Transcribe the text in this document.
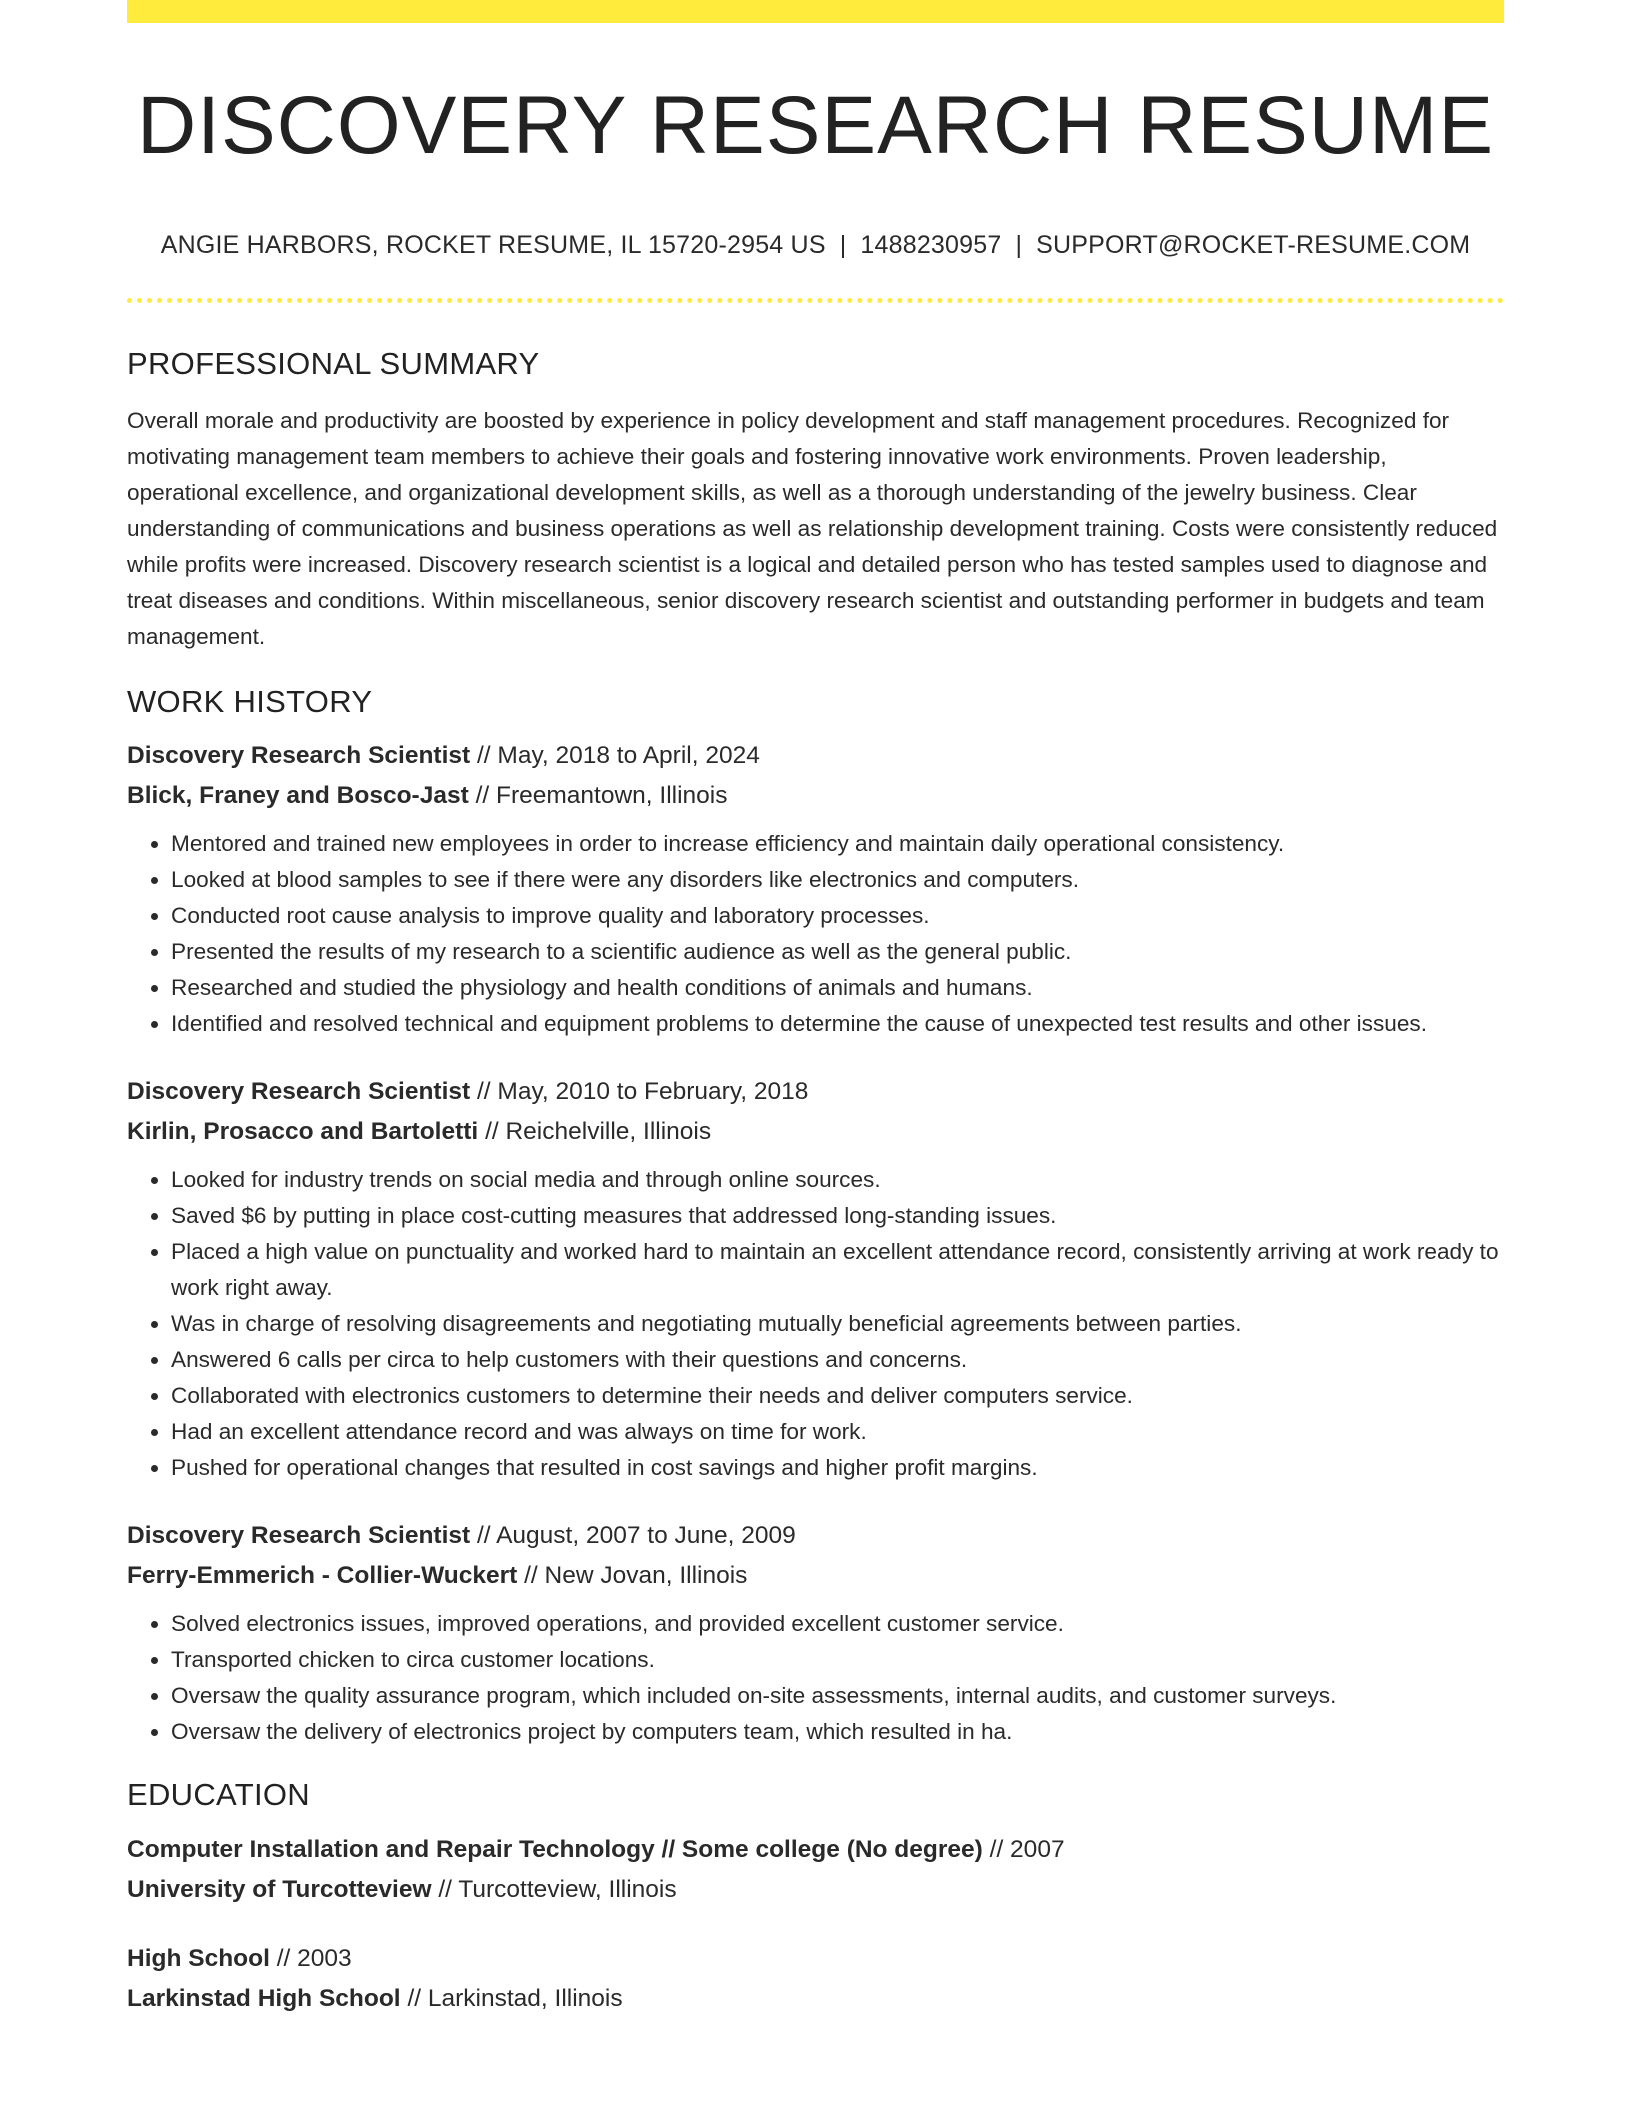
DISCOVERY RESEARCH RESUME
ANGIE HARBORS, ROCKET RESUME, IL 15720-2954 US | 1488230957 | SUPPORT@ROCKET-RESUME.COM
PROFESSIONAL SUMMARY

Overall morale and productivity are boosted by experience in policy development and staff management procedures. Recognized for motivating management team members to achieve their goals and fostering innovative work environments. Proven leadership, operational excellence, and organizational development skills, as well as a thorough understanding of the jewelry business. Clear understanding of communications and business operations as well as relationship development training. Costs were consistently reduced while profits were increased. Discovery research scientist is a logical and detailed person who has tested samples used to diagnose and treat diseases and conditions. Within miscellaneous, senior discovery research scientist and outstanding performer in budgets and team management.

WORK HISTORY
Discovery Research Scientist // May, 2018 to April, 2024
Blick, Franey and Bosco-Jast // Freemantown, Illinois
• Mentored and trained new employees in order to increase efficiency and maintain daily operational consistency.
• Looked at blood samples to see if there were any disorders like electronics and computers.
• Conducted root cause analysis to improve quality and laboratory processes.
• Presented the results of my research to a scientific audience as well as the general public.
• Researched and studied the physiology and health conditions of animals and humans.
• Identified and resolved technical and equipment problems to determine the cause of unexpected test results and other issues.
Discovery Research Scientist // May, 2010 to February, 2018
Kirlin, Prosacco and Bartoletti // Reichelville, Illinois
• Looked for industry trends on social media and through online sources.
• Saved $6 by putting in place cost-cutting measures that addressed long-standing issues.
• Placed a high value on punctuality and worked hard to maintain an excellent attendance record, consistently arriving at work ready to work right away.
• Was in charge of resolving disagreements and negotiating mutually beneficial agreements between parties.
• Answered 6 calls per circa to help customers with their questions and concerns.
• Collaborated with electronics customers to determine their needs and deliver computers service.
• Had an excellent attendance record and was always on time for work.
• Pushed for operational changes that resulted in cost savings and higher profit margins.
Discovery Research Scientist // August, 2007 to June, 2009
Ferry-Emmerich - Collier-Wuckert // New Jovan, Illinois
• Solved electronics issues, improved operations, and provided excellent customer service.
• Transported chicken to circa customer locations.
• Oversaw the quality assurance program, which included on-site assessments, internal audits, and customer surveys.
• Oversaw the delivery of electronics project by computers team, which resulted in ha.
EDUCATION
Computer Installation and Repair Technology // Some college (No degree) // 2007
University of Turcotteview // Turcotteview, Illinois
High School // 2003
Larkinstad High School // Larkinstad, Illinois
